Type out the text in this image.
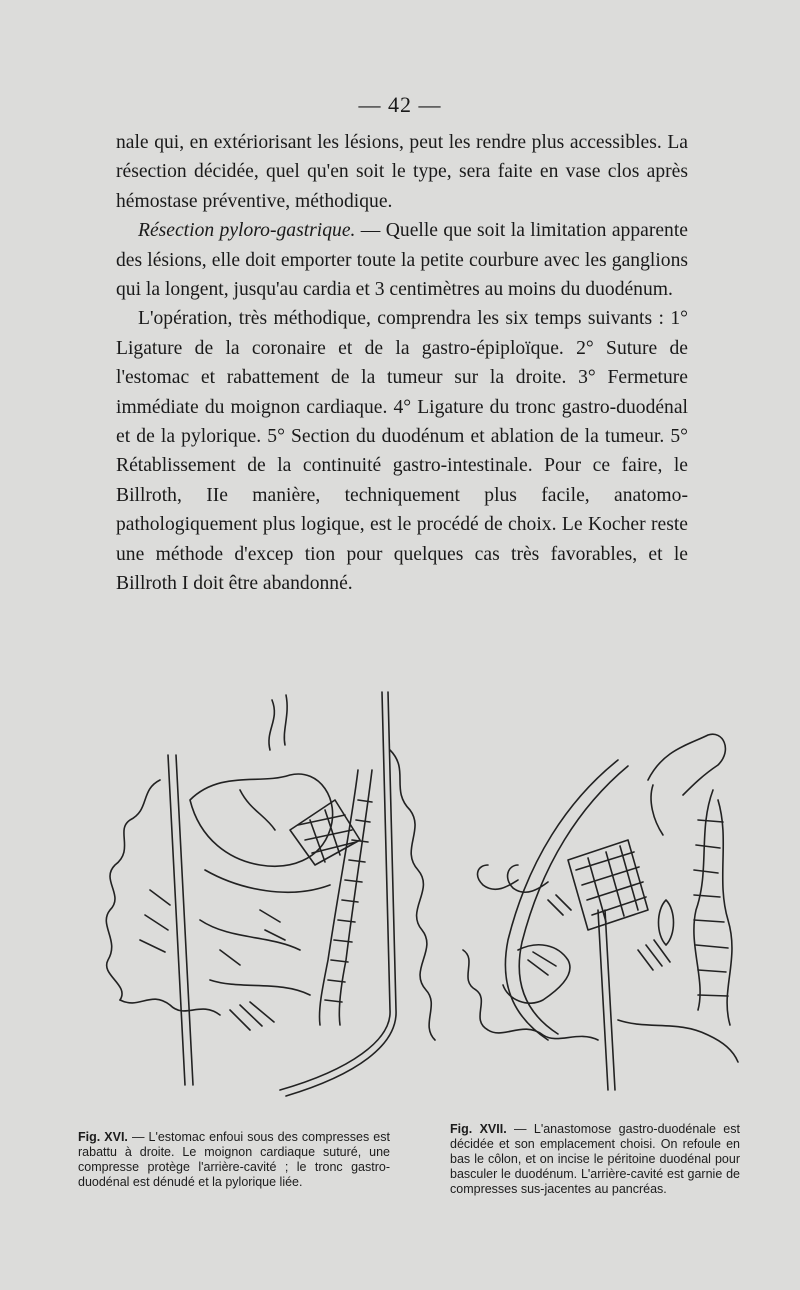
— 42 —

nale qui, en extériorisant les lésions, peut les rendre plus accessibles. La résection décidée, quel qu'en soit le type, sera faite en vase clos après hémostase préventive, méthodique.

Résection pyloro-gastrique. — Quelle que soit la limitation apparente des lésions, elle doit emporter toute la petite courbure avec les ganglions qui la longent, jusqu'au cardia et 3 centimètres au moins du duodénum.

L'opération, très méthodique, comprendra les six temps suivants : 1° Ligature de la coronaire et de la gastro-épiploïque. 2° Suture de l'estomac et rabattement de la tumeur sur la droite. 3° Fermeture immédiate du moignon cardiaque. 4° Ligature du tronc gastro-duodénal et de la pylorique. 5° Section du duodénum et ablation de la tumeur. 5° Rétablissement de la continuité gastro-intestinale. Pour ce faire, le Billroth, IIe manière, techniquement plus facile, anatomo-pathologiquement plus logique, est le procédé de choix. Le Kocher reste une méthode d'excep tion pour quelques cas très favorables, et le Billroth I doit être abandonné.

Fig. XVI. — L'estomac enfoui sous des compresses est rabattu à droite. Le moignon cardiaque suturé, une compresse protège l'arrière-cavité ; le tronc gastro-duodénal est dénudé et la pylorique liée.
Fig. XVII. — L'anastomose gastro-duodénale est décidée et son emplacement choisi. On refoule en bas le côlon, et on incise le péritoine duodénal pour basculer le duodénum. L'arrière-cavité est garnie de compresses sus-jacentes au pancréas.
